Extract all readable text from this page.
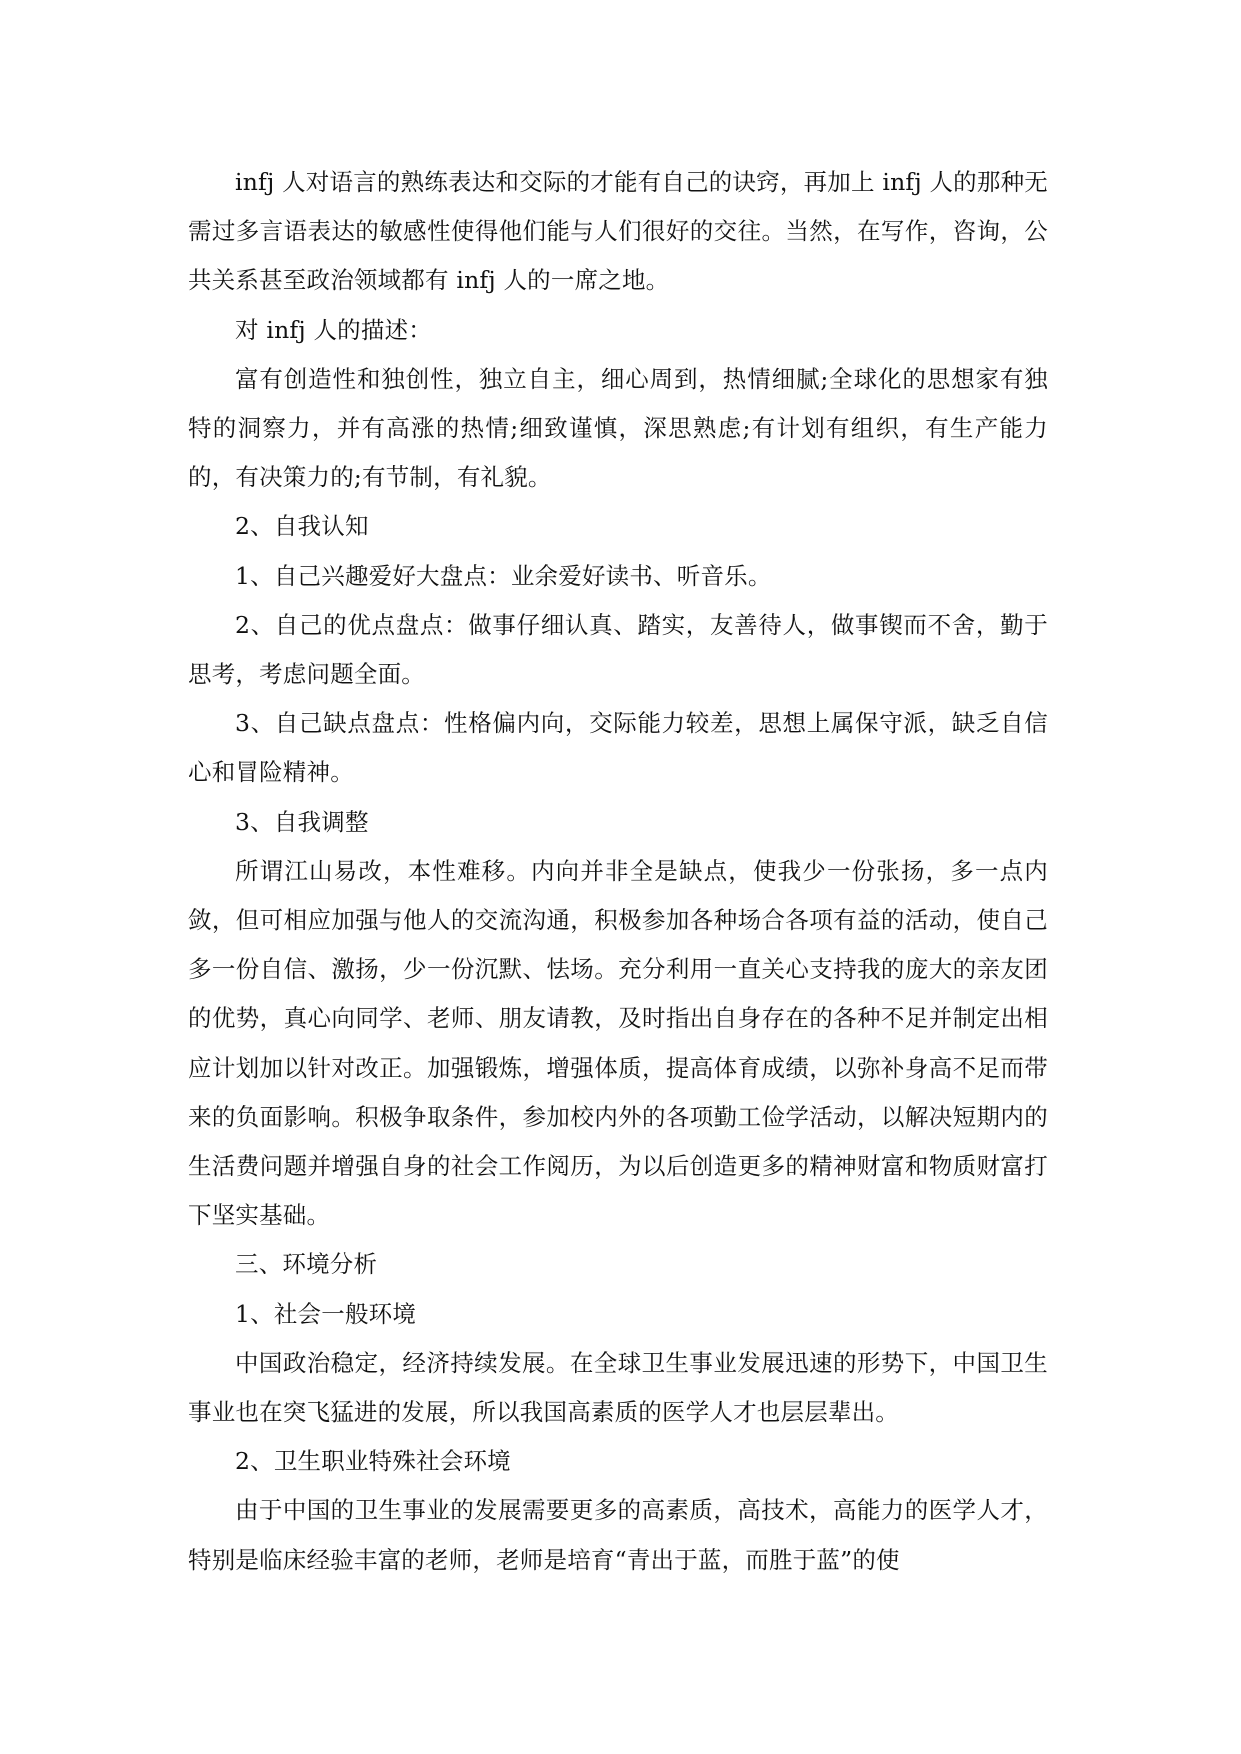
infj 人对语言的熟练表达和交际的才能有自己的诀窍，再加上 infj 人的那种无需过多言语表达的敏感性使得他们能与人们很好的交往。当然，在写作，咨询，公共关系甚至政治领域都有 infj 人的一席之地。

对 infj 人的描述：

富有创造性和独创性，独立自主，细心周到，热情细腻;全球化的思想家有独特的洞察力，并有高涨的热情;细致谨慎，深思熟虑;有计划有组织，有生产能力的，有决策力的;有节制，有礼貌。

2、自我认知

1、自己兴趣爱好大盘点：业余爱好读书、听音乐。

2、自己的优点盘点：做事仔细认真、踏实，友善待人，做事锲而不舍，勤于思考，考虑问题全面。

3、自己缺点盘点：性格偏内向，交际能力较差，思想上属保守派，缺乏自信心和冒险精神。

3、自我调整

所谓江山易改，本性难移。内向并非全是缺点，使我少一份张扬，多一点内敛，但可相应加强与他人的交流沟通，积极参加各种场合各项有益的活动，使自己多一份自信、激扬，少一份沉默、怯场。充分利用一直关心支持我的庞大的亲友团的优势，真心向同学、老师、朋友请教，及时指出自身存在的各种不足并制定出相应计划加以针对改正。加强锻炼，增强体质，提高体育成绩，以弥补身高不足而带来的负面影响。积极争取条件，参加校内外的各项勤工俭学活动，以解决短期内的生活费问题并增强自身的社会工作阅历，为以后创造更多的精神财富和物质财富打下坚实基础。

三、环境分析

1、社会一般环境

中国政治稳定，经济持续发展。在全球卫生事业发展迅速的形势下，中国卫生事业也在突飞猛进的发展，所以我国高素质的医学人才也层层辈出。

2、卫生职业特殊社会环境

由于中国的卫生事业的发展需要更多的高素质，高技术，高能力的医学人才，特别是临床经验丰富的老师，老师是培育“青出于蓝，而胜于蓝”的使
